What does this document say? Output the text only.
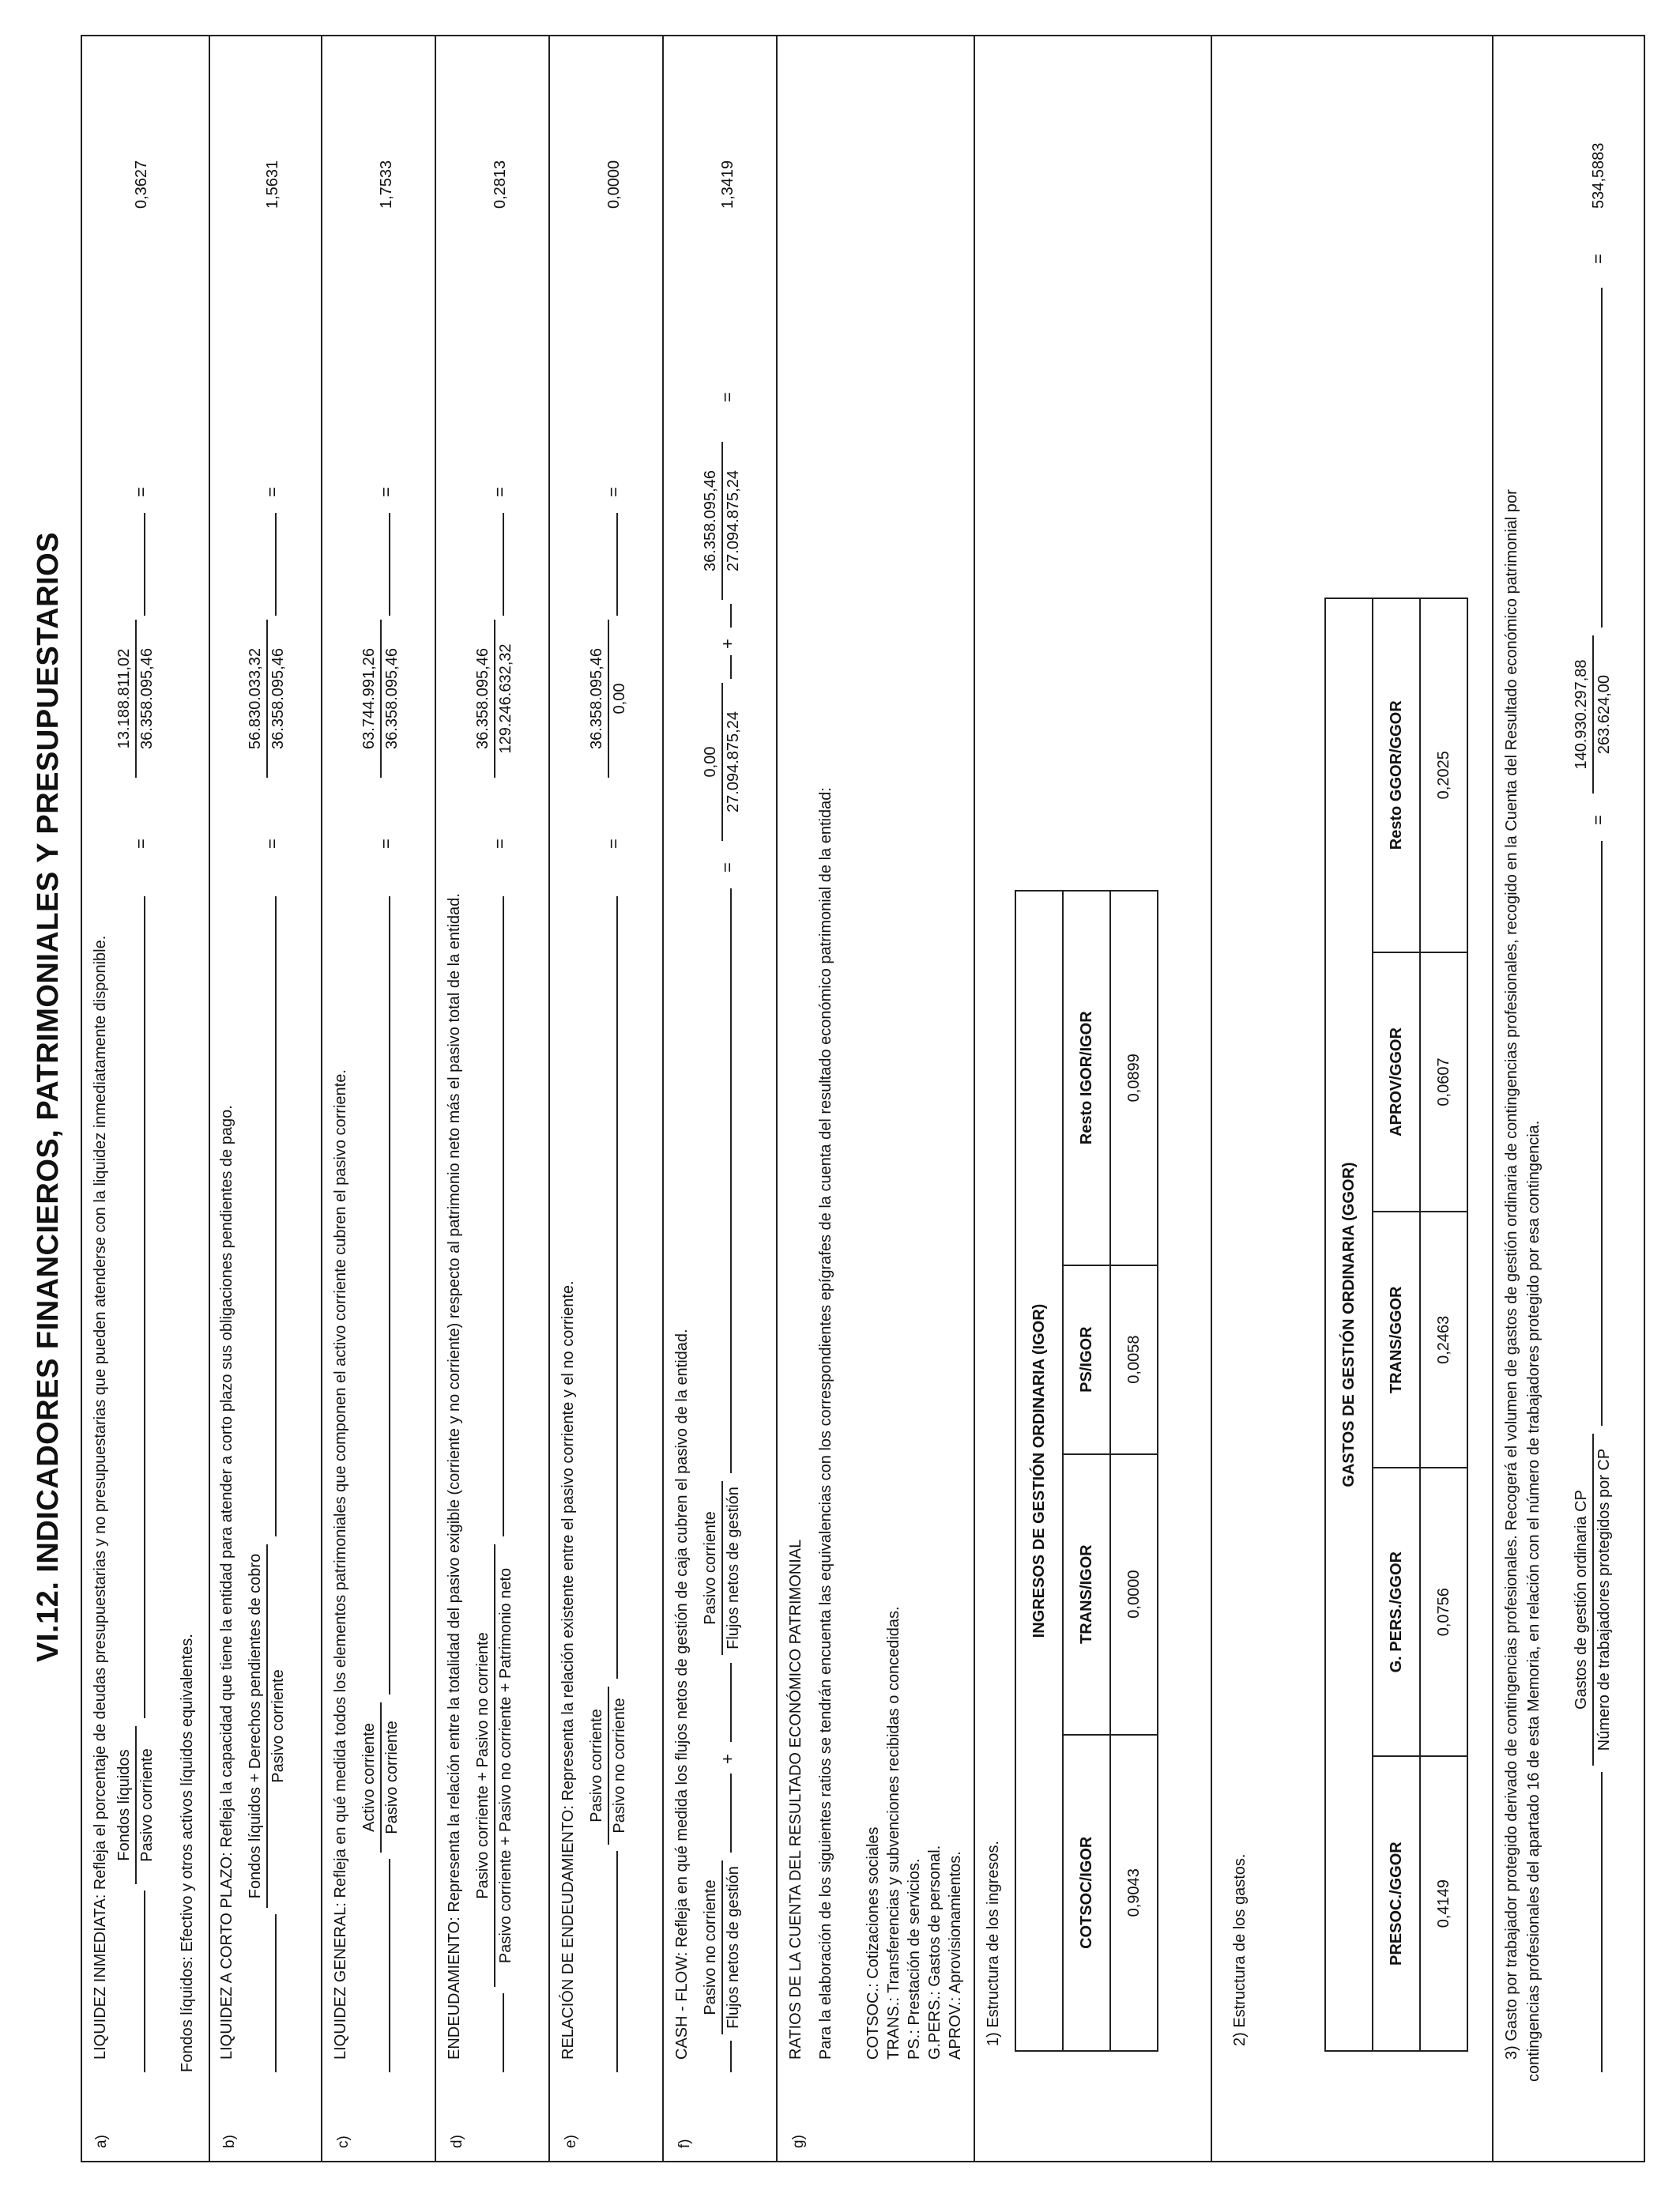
VI.12. INDICADORES FINANCIEROS, PATRIMONIALES Y PRESUPUESTARIOS
a)
LIQUIDEZ INMEDIATA: Refleja el porcentaje de deudas presupuestarias y no presupuestarias que pueden atenderse con la liquidez inmediatamente disponible. Fondos líquidos Pasivo corriente
=
13.188.811,02 36.358.095,46
=
0,3627
Fondos líquidos: Efectivo y otros activos líquidos equivalentes.
b)
LIQUIDEZ A CORTO PLAZO: Refleja la capacidad que tiene la entidad para atender a corto plazo sus obligaciones pendientes de pago. Fondos líquidos + Derechos pendientes de cobro Pasivo corriente
=
56.830.033,32 36.358.095,46
=
1,5631
c)
LIQUIDEZ GENERAL: Refleja en qué medida todos los elementos patrimoniales que componen el activo corriente cubren el pasivo corriente. Activo corriente Pasivo corriente
=
63.744.991,26 36.358.095,46
=
1,7533
d)
ENDEUDAMIENTO: Representa la relación entre la totalidad del pasivo exigible (corriente y no corriente) respecto al patrimonio neto más el pasivo total de la entidad. Pasivo corriente + Pasivo no corriente Pasivo corriente + Pasivo no corriente + Patrimonio neto
=
36.358.095,46 129.246.632,32
=
0,2813
e)
RELACIÓN DE ENDEUDAMIENTO: Representa la relación existente entre el pasivo corriente y el no corriente. Pasivo corriente Pasivo no corriente
=
36.358.095,46 0,00
=
0,0000
f)
CASH - FLOW: Refleja en qué medida los flujos netos de gestión de caja cubren el pasivo de la entidad. Pasivo no corriente Flujos netos de gestión
+
Pasivo corriente Flujos netos de gestión
=
0,00 27.094.875,24
+
36.358.095,46 27.094.875,24
=
1,3419
g)
RATIOS DE LA CUENTA DEL RESULTADO ECONÓMICO PATRIMONIAL Para la elaboración de los siguientes ratios se tendrán encuenta las equivalencias con los correspondientes epígrafes de la cuenta del resultado económico patrimonial de la entidad: COTSOC.: Cotizaciones sociales TRANS.: Transferencias y subvenciones recibidas o concedidas. PS.: Prestación de servicios. G.PERS.: Gastos de personal. APROV.: Aprovisionamientos. 1) Estructura de los ingresos.
INGRESOS DE GESTIÓN ORDINARIA (IGOR)			
COTSOC/IGOR	TRANS/IGOR	PS/IGOR	Resto IGOR/IGOR
0,9043	0,0000	0,0058	0,0899
2) Estructura de los gastos.
GASTOS DE GESTIÓN ORDINARIA (GGOR)				
PRESOC./GGOR	G. PERS./GGOR	TRANS/GGOR	APROV/GGOR	Resto GGOR/GGOR
0,4149	0,0756	0,2463	0,0607	0,2025	3) Gasto por trabajador protegido derivado de contingencias profesionales. Recogerá el volumen de gastos de gestión ordinaria de contingencias profesionales, recogido en la Cuenta del Resultado económico patrimonial por contingencias profesionales del apartado 16 de esta Memoria, en relación con el número de trabajadores protegido por esa contingencia. Gastos de gestión ordinaria CP Número de trabajadores protegidos por CP
=
140.930.297,88 263.624,00
=
534,5883
